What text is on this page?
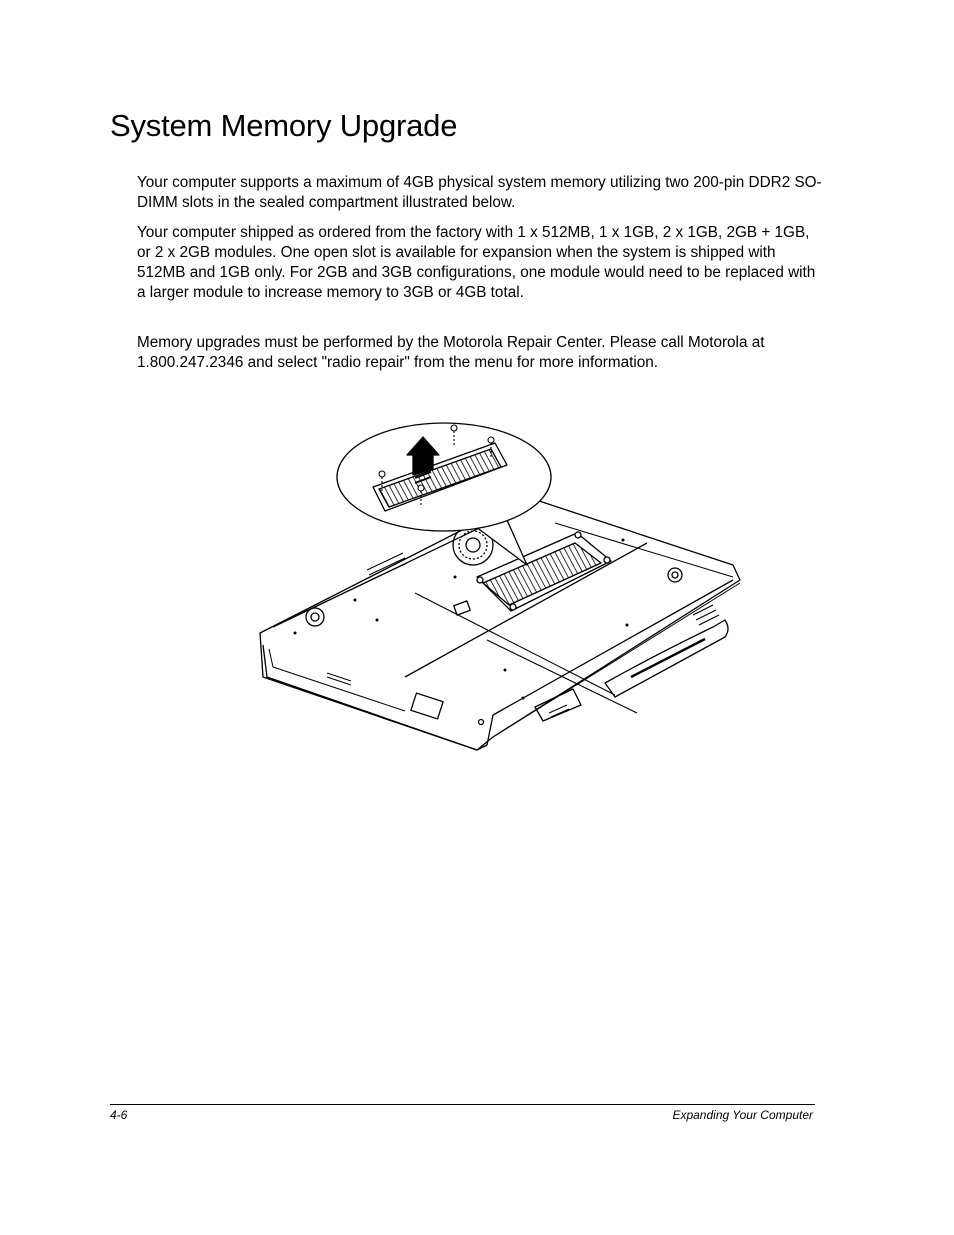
System Memory Upgrade

Your computer supports a maximum of 4GB physical system memory utilizing two 200-pin DDR2 SO-DIMM slots in the sealed compartment illustrated below.

Your computer shipped as ordered from the factory with 1 x 512MB, 1 x 1GB, 2 x 1GB, 2GB + 1GB, or 2 x 2GB modules. One open slot is available for expansion when the system is shipped with 512MB and 1GB only. For 2GB and 3GB configurations, one module would need to be replaced with a larger module to increase memory to 3GB or 4GB total.

Memory upgrades must be performed by the Motorola Repair Center. Please call Motorola at 1.800.247.2346 and select "radio repair" from the menu for more information.

4-6	Expanding Your Computer
